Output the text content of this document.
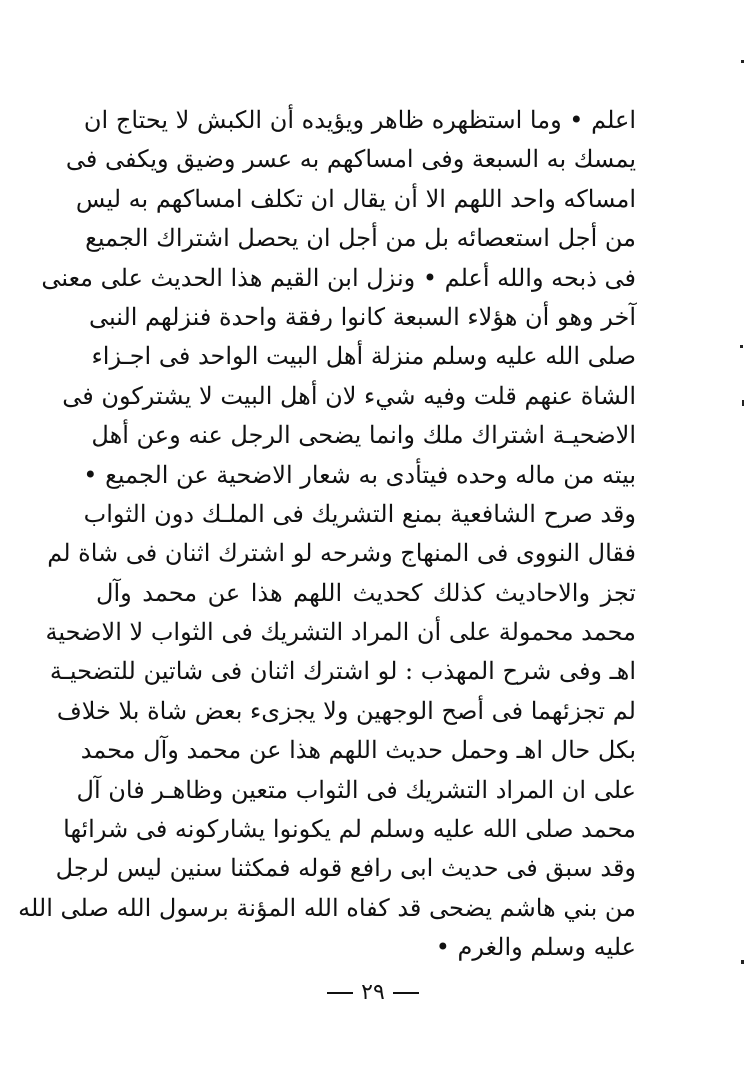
اعلم • وما استظهره ظاهر ويؤيده أن الكبش لا يحتاج ان
يمسك به السبعة وفى امساكهم به عسر وضيق ويكفى فى
امساكه واحد اللهم الا أن يقال ان تكلف امساكهم به ليس
من أجل استعصائه بل من أجل ان يحصل اشتراك الجميع
فى ذبحه والله أعلم • ونزل ابن القيم هذا الحديث على معنى
آخر وهو أن هؤلاء السبعة كانوا رفقة واحدة فنزلهم النبى
صلى الله عليه وسلم منزلة أهل البيت الواحد فى اجـزاء
الشاة عنهم قلت وفيه شيء لان أهل البيت لا يشتركون فى
الاضحيـة اشتراك ملك وانما يضحى الرجل عنه وعن أهل
بيته من ماله وحده فيتأدى به شعار الاضحية عن الجميع •
وقد صرح الشافعية بمنع التشريك فى الملـك دون الثواب
فقال النووى فى المنهاج وشرحه لو اشترك اثنان فى شاة لم
تجز والاحاديث كذلك كحديث اللهم هذا عن محمد وآل
محمد محمولة على أن المراد التشريك فى الثواب لا الاضحية
اهـ وفى شرح المهذب : لو اشترك اثنان فى شاتين للتضحيـة
لم تجزئهما فى أصح الوجهين ولا يجزىء بعض شاة بلا خلاف
بكل حال اهـ وحمل حديث اللهم هذا عن محمد وآل محمد
على ان المراد التشريك فى الثواب متعين وظاهـر فان آل
محمد صلى الله عليه وسلم لم يكونوا يشاركونه فى شرائها
وقد سبق فى حديث ابى رافع قوله فمكثنا سنين ليس لرجل
من بني هاشم يضحى قد كفاه الله المؤنة برسول الله صلى الله
عليه وسلم والغرم •
٢٩
